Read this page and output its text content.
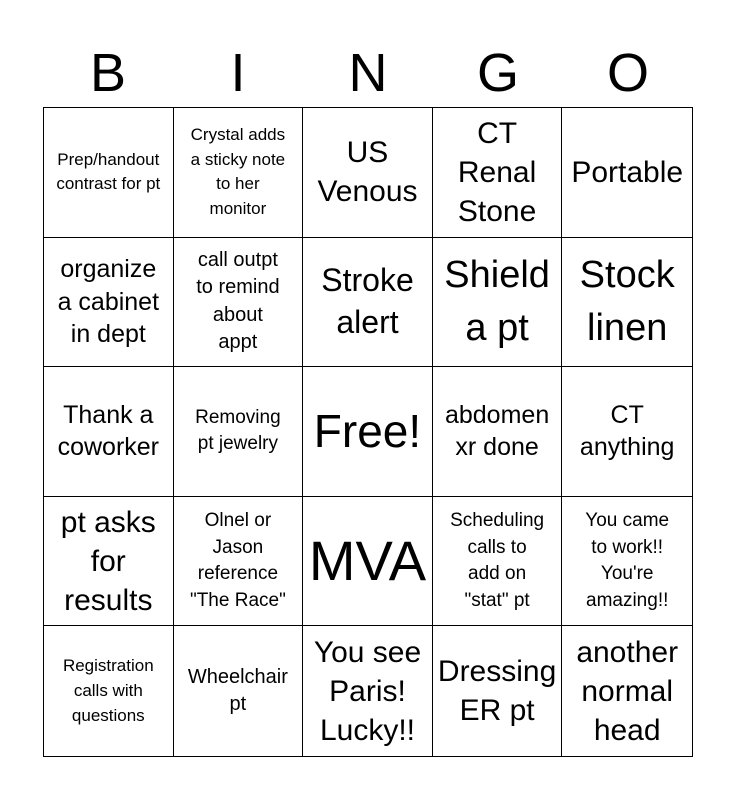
B	I	N	G	O
Prep/handout
contrast for pt
Crystal adds
a sticky note
to her
monitor
US
Venous
CT
Renal
Stone
Portable
organize
a cabinet
in dept
call outpt
to remind
about
appt
Stroke
alert
Shield
a pt
Stock
linen
Thank a
coworker
Removing
pt jewelry Free! abdomen
xr done
CT
anything
pt asks
for
results
Olnel or
Jason
reference
"The Race"
MVA
Scheduling
calls to
add on
"stat" pt
You came
to work!!
You're
amazing!!
Registration
calls with
questions
Wheelchair
pt
You see
Paris!
Lucky!!
Dressing
ER pt
another
normal
head
